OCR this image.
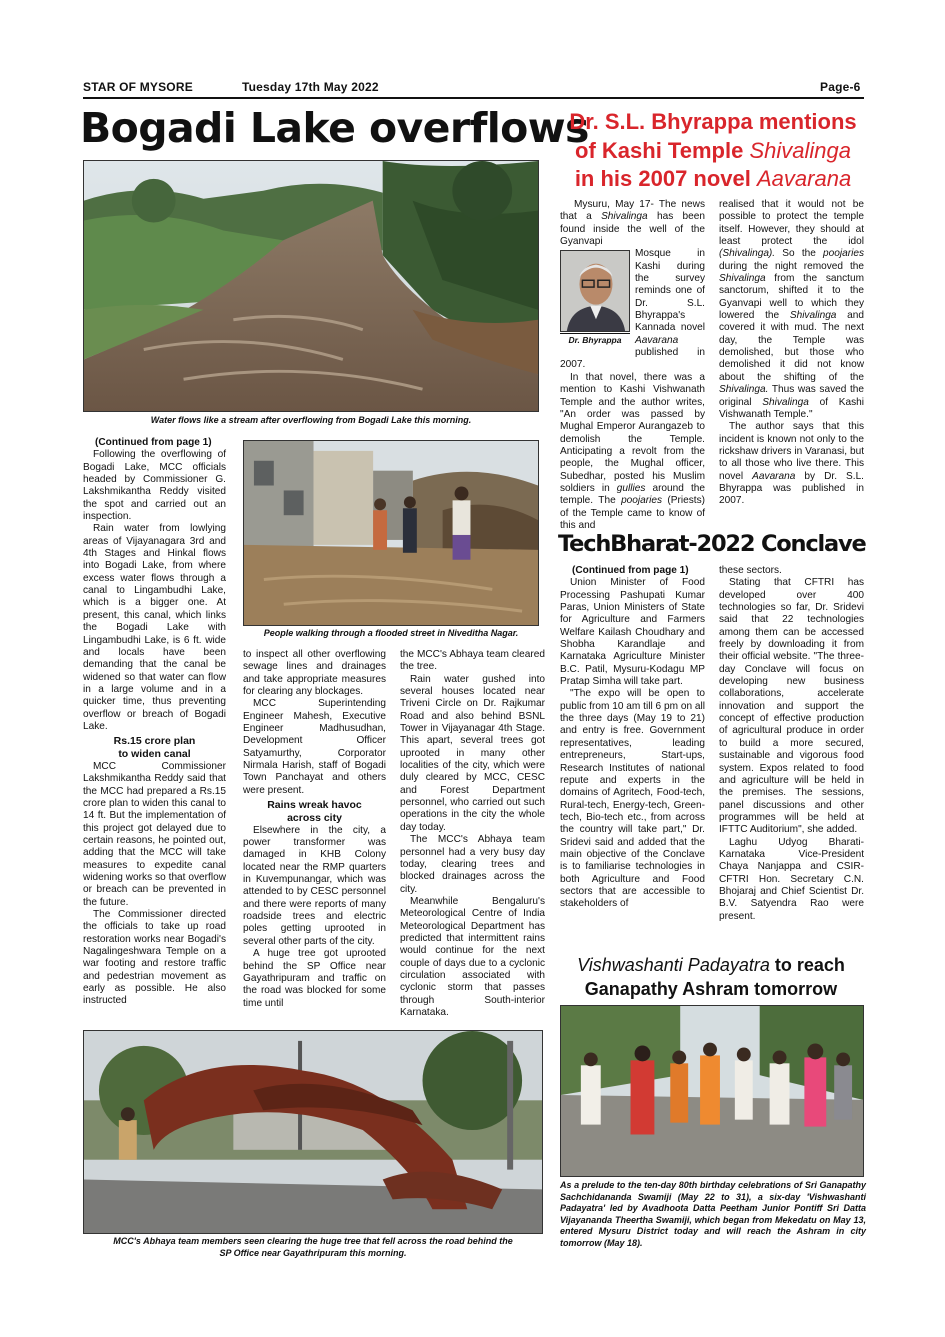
STAR OF MYSORE	Tuesday 17th May 2022	Page-6
Bogadi Lake overflows
Water flows like a stream after overflowing from Bogadi Lake this morning.

(Continued from page 1)

Following the overflowing of Bogadi Lake, MCC officials headed by Commissioner G. Lakshmikantha Reddy visited the spot and carried out an inspection.

Rain water from lowlying areas of Vijayanagara 3rd and 4th Stages and Hinkal flows into Bogadi Lake, from where excess water flows through a canal to Lingambudhi Lake, which is a bigger one. At present, this canal, which links the Bogadi Lake with Lingambudhi Lake, is 6 ft. wide and locals have been demanding that the canal be widened so that water can flow in a large volume and in a quicker time, thus preventing overflow or breach of Bogadi Lake.

Rs.15 crore plan

to widen canal

MCC Commissioner Lakshmikantha Reddy said that the MCC had prepared a Rs.15 crore plan to widen this canal to 14 ft. But the implementation of this project got delayed due to certain reasons, he pointed out, adding that the MCC will take measures to expedite canal widening works so that overflow or breach can be prevented in the future.

The Commissioner directed the officials to take up road restoration works near Bogadi's Nagalingeshwara Temple on a war footing and restore traffic and pedestrian movement as early as possible. He also instructed

People walking through a flooded street in Niveditha Nagar.

to inspect all other overflowing sewage lines and drainages and take appropriate measures for clearing any blockages.

MCC Superintending Engineer Mahesh, Executive Engineer Madhusudhan, Development Officer Satyamurthy, Corporator Nirmala Harish, staff of Bogadi Town Panchayat and others were present.

Rains wreak havoc

across city

Elsewhere in the city, a power transformer was damaged in KHB Colony located near the RMP quarters in Kuvempunangar, which was attended to by CESC personnel and there were reports of many roadside trees and electric poles getting uprooted in several other parts of the city.

A huge tree got uprooted behind the SP Office near Gayathripuram and traffic on the road was blocked for some time until

the MCC's Abhaya team cleared the tree.

Rain water gushed into several houses located near Triveni Circle on Dr. Rajkumar Road and also behind BSNL Tower in Vijayanagar 4th Stage. This apart, several trees got uprooted in many other localities of the city, which were duly cleared by MCC, CESC and Forest Department personnel, who carried out such operations in the city the whole day today.

The MCC's Abhaya team personnel had a very busy day today, clearing trees and blocked drainages across the city.

Meanwhile Bengaluru's Meteorological Centre of India Meteorological Department has predicted that intermittent rains would continue for the next couple of days due to a cyclonic circulation associated with cyclonic storm that passes through South-interior Karnataka.

MCC's Abhaya team members seen clearing the huge tree that fell across the road behind the
SP Office near Gayathripuram this morning.
Dr. S.L. Bhyrappa mentions
of Kashi Temple Shivalinga
in his 2007 novel Aavarana

Mysuru, May 17- The news that a Shivalinga has been found inside the well of the Gyanvapi

Dr. Bhyrappa

Mosque in Kashi during the survey reminds one of Dr. S.L. Bhyrappa's Kannada novel Aavarana published in 2007.

In that novel, there was a mention to Kashi Vishwanath Temple and the author writes, "An order was passed by Mughal Emperor Aurangazeb to demolish the Temple. Anticipating a revolt from the people, the Mughal officer, Subedhar, posted his Muslim soldiers in gullies around the temple. The poojaries (Priests) of the Temple came to know of this and

realised that it would not be possible to protect the temple itself. However, they should at least protect the idol (Shivalinga). So the poojaries during the night removed the Shivalinga from the sanctum sanctorum, shifted it to the Gyanvapi well to which they lowered the Shivalinga and covered it with mud. The next day, the Temple was demolished, but those who demolished it did not know about the shifting of the Shivalinga. Thus was saved the original Shivalinga of Kashi Vishwanath Temple."

The author says that this incident is known not only to the rickshaw drivers in Varanasi, but to all those who live there. This novel Aavarana by Dr. S.L. Bhyrappa was published in 2007.

TechBharat-2022 Conclave

(Continued from page 1)

Union Minister of Food Processing Pashupati Kumar Paras, Union Ministers of State for Agriculture and Farmers Welfare Kailash Choudhary and Shobha Karandlaje and Karnataka Agriculture Minister B.C. Patil, Mysuru-Kodagu MP Pratap Simha will take part.

"The expo will be open to public from 10 am till 6 pm on all the three days (May 19 to 21) and entry is free. Government representatives, leading entrepreneurs, Start-ups, Research Institutes of national repute and experts in the domains of Agritech, Food-tech, Rural-tech, Energy-tech, Green-tech, Bio-tech etc., from across the country will take part," Dr. Sridevi said and added that the main objective of the Conclave is to familiarise technologies in both Agriculture and Food sectors that are accessible to stakeholders of

these sectors.

Stating that CFTRI has developed over 400 technologies so far, Dr. Sridevi said that 22 technologies among them can be accessed freely by downloading it from their official website. "The three- day Conclave will focus on developing new business collaborations, accelerate innovation and support the concept of effective production of agricultural produce in order to build a more secured, sustainable and vigorous food system. Expos related to food and agriculture will be held in the premises. The sessions, panel discussions and other programmes will be held at IFTTC Auditorium", she added.

Laghu Udyog Bharati-Karnataka Vice-President Chaya Nanjappa and CSIR-CFTRI Hon. Secretary C.N. Bhojaraj and Chief Scientist Dr. B.V. Satyendra Rao were present.

Vishwashanti Padayatra to reach
Ganapathy Ashram tomorrow
As a prelude to the ten-day 80th birthday celebrations of Sri Ganapathy Sachchidananda Swamiji (May 22 to 31), a six-day 'Vishwashanti Padayatra' led by Avadhoota Datta Peetham Junior Pontiff Sri Datta Vijayananda Theertha Swamiji, which began from Mekedatu on May 13, entered Mysuru District today and will reach the Ashram in city tomorrow (May 18).
